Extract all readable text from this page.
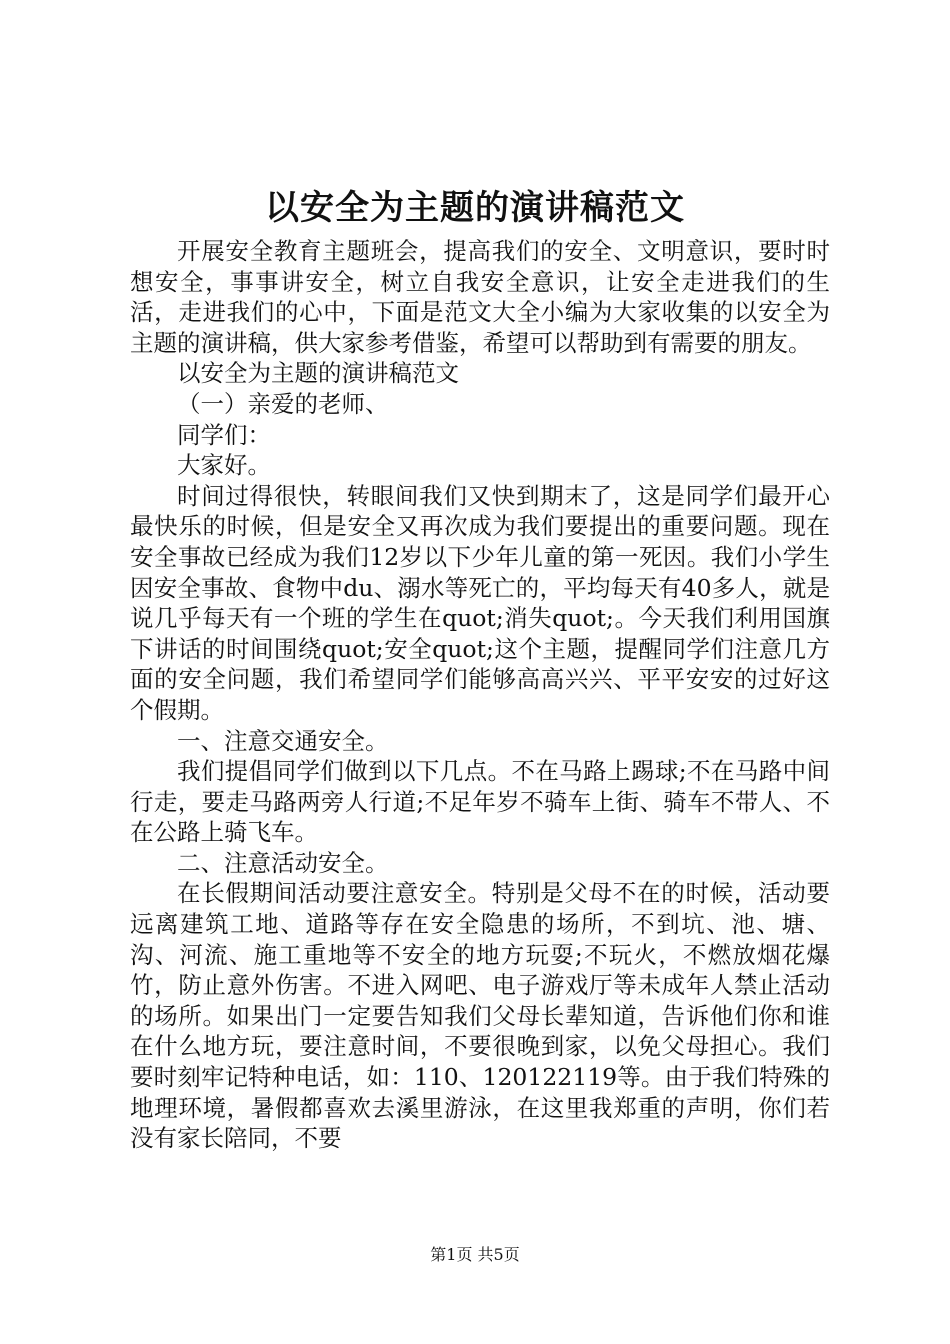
以安全为主题的演讲稿范文

开展安全教育主题班会，提高我们的安全、文明意识，要时时想安全，事事讲安全，树立自我安全意识，让安全走进我们的生活，走进我们的心中，下面是范文大全小编为大家收集的以安全为主题的演讲稿，供大家参考借鉴，希望可以帮助到有需要的朋友。

以安全为主题的演讲稿范文

（一）亲爱的老师、

同学们：

大家好。

时间过得很快，转眼间我们又快到期末了，这是同学们最开心最快乐的时候，但是安全又再次成为我们要提出的重要问题。现在安全事故已经成为我们12岁以下少年儿童的第一死因。我们小学生因安全事故、食物中du、溺水等死亡的，平均每天有40多人，就是说几乎每天有一个班的学生在quot;消失quot;。今天我们利用国旗下讲话的时间围绕quot;安全quot;这个主题，提醒同学们注意几方面的安全问题，我们希望同学们能够高高兴兴、平平安安的过好这个假期。

一、注意交通安全。

我们提倡同学们做到以下几点。不在马路上踢球;不在马路中间行走，要走马路两旁人行道;不足年岁不骑车上街、骑车不带人、不在公路上骑飞车。

二、注意活动安全。

在长假期间活动要注意安全。特别是父母不在的时候，活动要远离建筑工地、道路等存在安全隐患的场所，不到坑、池、塘、沟、河流、施工重地等不安全的地方玩耍;不玩火，不燃放烟花爆竹，防止意外伤害。不进入网吧、电子游戏厅等未成年人禁止活动的场所。如果出门一定要告知我们父母长辈知道，告诉他们你和谁在什么地方玩，要注意时间，不要很晚到家，以免父母担心。我们要时刻牢记特种电话，如：110、120122119等。由于我们特殊的地理环境，暑假都喜欢去溪里游泳，在这里我郑重的声明，你们若没有家长陪同，不要

第1页 共5页
